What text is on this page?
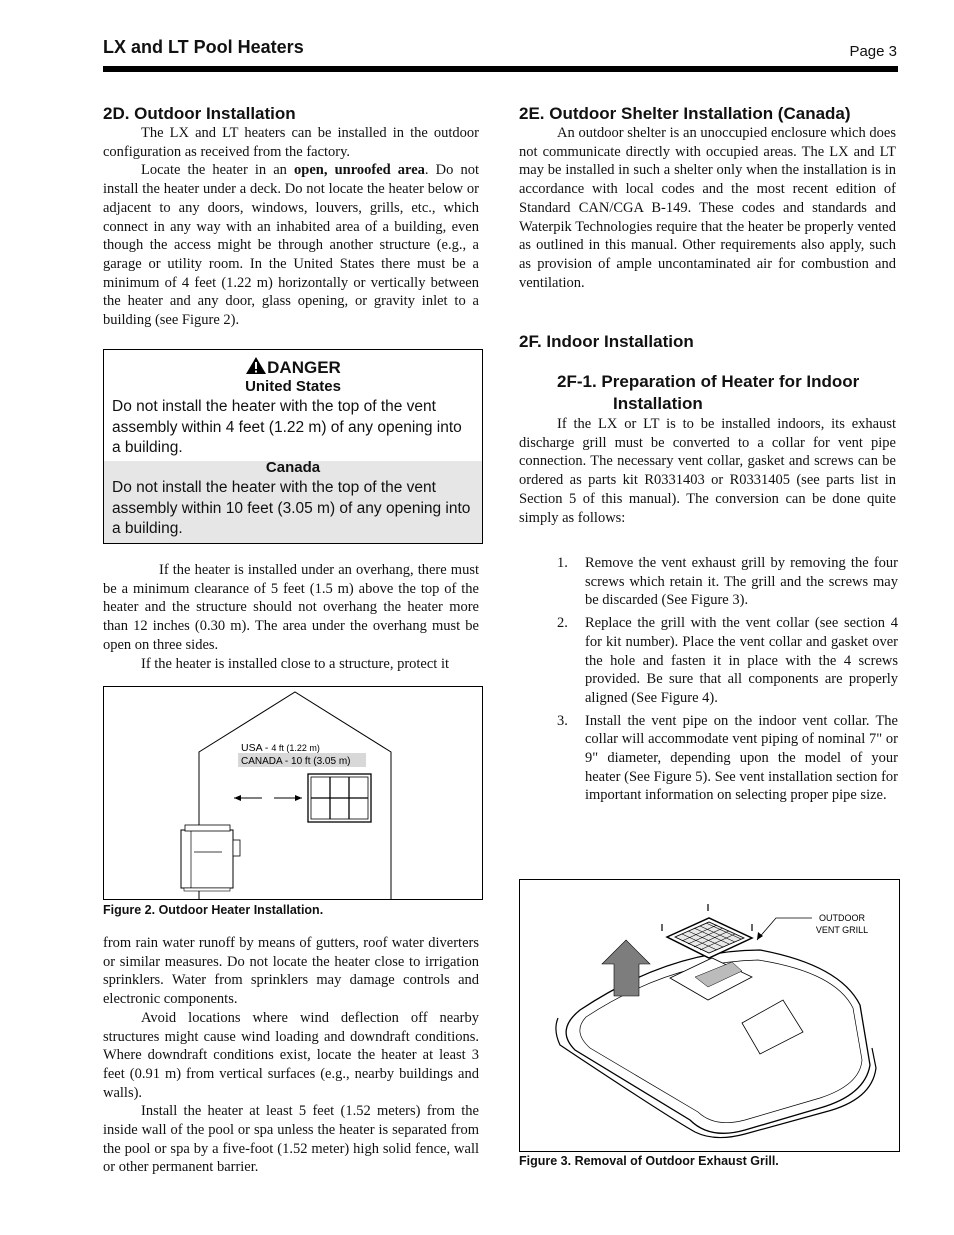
LX and LT Pool Heaters	Page 3
2D. Outdoor Installation

The LX and LT heaters can be installed in the outdoor configuration as received from the factory.

Locate the heater in an open, unroofed area. Do not install the heater under a deck. Do not locate the heater below or adjacent to any doors, windows, louvers, grills, etc., which connect in any way with an inhabited area of a building, even though the access might be through another structure (e.g., a garage or utility room. In the United States there must be a minimum of 4 feet (1.22 m) horizontally or vertically between the heater and any door, glass opening, or gravity inlet to a building (see Figure 2).

DANGER
United States
Do not install the heater with the top of the vent assembly within 4 feet (1.22 m) of any opening into a building.
Canada
Do not install the heater with the top of the vent assembly within 10 feet (3.05 m) of any opening into a building.

If the heater is installed under an overhang, there must be a minimum clearance of 5 feet (1.5 m) above the top of the heater and the structure should not overhang the heater more than 12 inches (0.30 m). The area under the overhang must be open on three sides.

If the heater is installed close to a structure, protect it

USA - 4 ft (1.22 m)
CANADA - 10 ft (3.05 m)
Figure 2. Outdoor Heater Installation.

from rain water runoff by means of gutters, roof water diverters or similar measures. Do not locate the heater close to irrigation sprinklers. Water from sprinklers may damage controls and electronic components.

Avoid locations where wind deflection off nearby structures might cause wind loading and downdraft conditions. Where downdraft conditions exist, locate the heater at least 3 feet (0.91 m) from vertical surfaces (e.g., nearby buildings and walls).

Install the heater at least 5 feet (1.52 meters) from the inside wall of the pool or spa unless the heater is separated from the pool or spa by a five-foot (1.52 meter) high solid fence, wall or other permanent barrier.

2E. Outdoor Shelter Installation (Canada)

An outdoor shelter is an unoccupied enclosure which does not communicate directly with occupied areas. The LX and LT may be installed in such a shelter only when the installation is in accordance with local codes and the most recent edition of Standard CAN/CGA B-149. These codes and standards and Waterpik Technologies require that the heater be properly vented as outlined in this manual. Other requirements also apply, such as provision of ample uncontaminated air for combustion and ventilation.

2F. Indoor Installation
2F-1. Preparation of Heater for Indoor
Installation

If the LX or LT is to be installed indoors, its exhaust discharge grill must be converted to a collar for vent pipe connection. The necessary vent collar, gasket and screws can be ordered as parts kit R0331403 or R0331405 (see parts list in Section 5 of this manual). The conversion can be done quite simply as follows:

1. Remove the vent exhaust grill by removing the four screws which retain it. The grill and the screws may be discarded (See Figure 3).
2. Replace the grill with the vent collar (see section 4 for kit number). Place the vent collar and gasket over the hole and fasten it in place with the 4 screws provided. Be sure that all components are properly aligned (See Figure 4).
3. Install the vent pipe on the indoor vent collar. The collar will accommodate vent piping of nominal 7" or 9" diameter, depending upon the model of your heater (See Figure 5). See vent installation section for important information on selecting proper pipe size.
OUTDOOR
VENT GRILL
Figure 3. Removal of Outdoor Exhaust Grill.
